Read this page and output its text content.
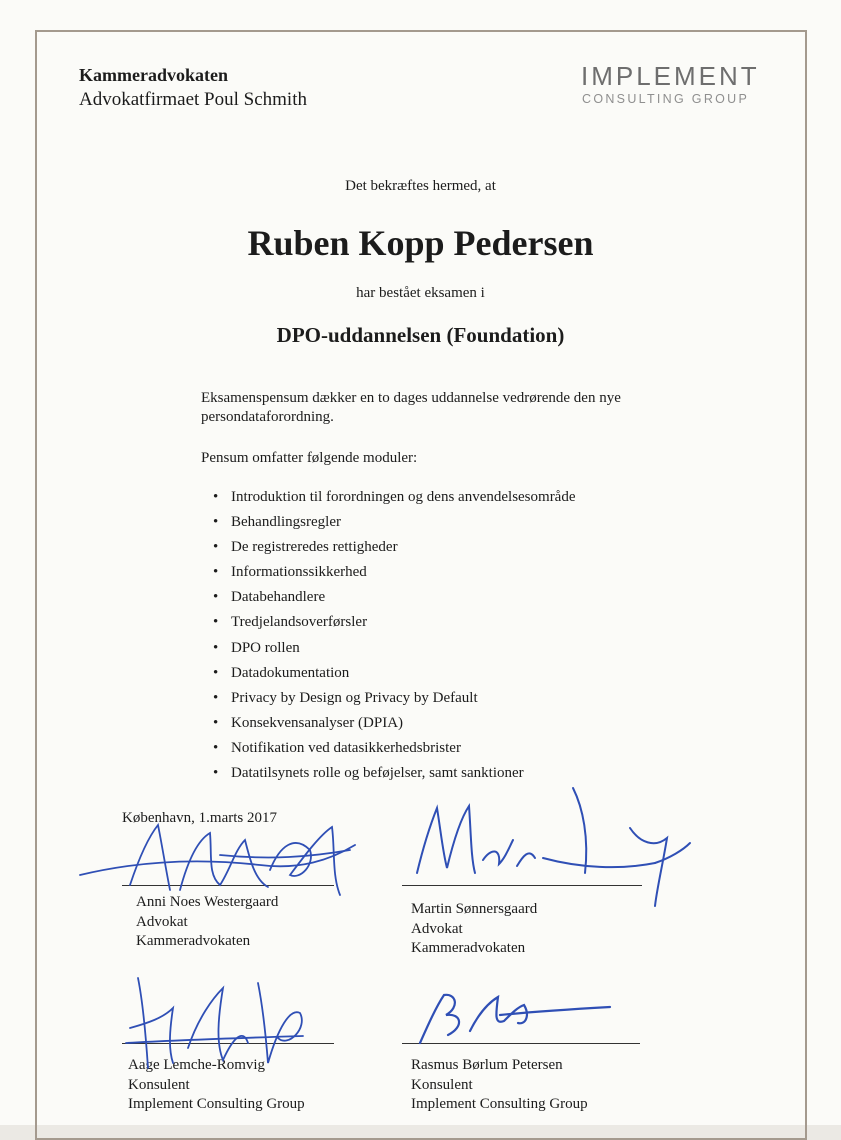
Kammeradvokaten
Advokatfirmaet Poul Schmith
IMPLEMENT
CONSULTING GROUP
Det bekræftes hermed, at
Ruben Kopp Pedersen
har bestået eksamen i
DPO-uddannelsen (Foundation)
Eksamenspensum dækker en to dages uddannelse vedrørende den nye persondataforordning.
Pensum omfatter følgende moduler:
• Introduktion til forordningen og dens anvendelsesområde
• Behandlingsregler
• De registreredes rettigheder
• Informationssikkerhed
• Databehandlere
• Tredjelandsoverførsler
• DPO rollen
• Datadokumentation
• Privacy by Design og Privacy by Default
• Konsekvensanalyser (DPIA)
• Notifikation ved datasikkerhedsbrister
• Datatilsynets rolle og beføjelser, samt sanktioner
København, 1.marts 2017
Anni Noes Westergaard
Advokat
Kammeradvokaten
Martin Sønnersgaard
Advokat
Kammeradvokaten
Aage Lemche-Romvig
Konsulent
Implement Consulting Group
Rasmus Børlum Petersen
Konsulent
Implement Consulting Group
